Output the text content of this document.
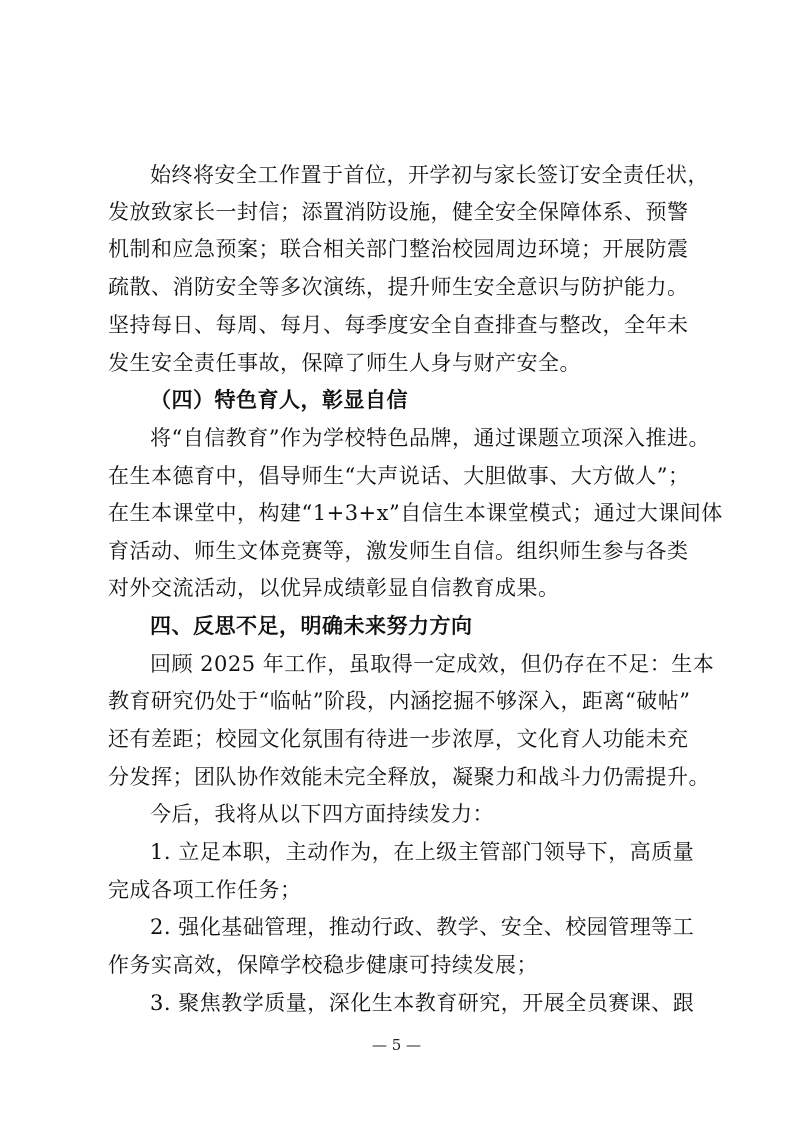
始终将安全工作置于首位，开学初与家长签订安全责任状，
发放致家长一封信；添置消防设施，健全安全保障体系、预警
机制和应急预案；联合相关部门整治校园周边环境；开展防震
疏散、消防安全等多次演练，提升师生安全意识与防护能力。
坚持每日、每周、每月、每季度安全自查排查与整改，全年未
发生安全责任事故，保障了师生人身与财产安全。
（四）特色育人，彰显自信
将“自信教育”作为学校特色品牌，通过课题立项深入推进。
在生本德育中，倡导师生“大声说话、大胆做事、大方做人”；
在生本课堂中，构建“1+3+x”自信生本课堂模式；通过大课间体
育活动、师生文体竞赛等，激发师生自信。组织师生参与各类
对外交流活动，以优异成绩彰显自信教育成果。
四、反思不足，明确未来努力方向
回顾 2025 年工作，虽取得一定成效，但仍存在不足：生本
教育研究仍处于“临帖”阶段，内涵挖掘不够深入，距离“破帖”
还有差距；校园文化氛围有待进一步浓厚，文化育人功能未充
分发挥；团队协作效能未完全释放，凝聚力和战斗力仍需提升。
今后，我将从以下四方面持续发力：
1. 立足本职，主动作为，在上级主管部门领导下，高质量
完成各项工作任务；
2. 强化基础管理，推动行政、教学、安全、校园管理等工
作务实高效，保障学校稳步健康可持续发展；
3. 聚焦教学质量，深化生本教育研究，开展全员赛课、跟
— 5 —
